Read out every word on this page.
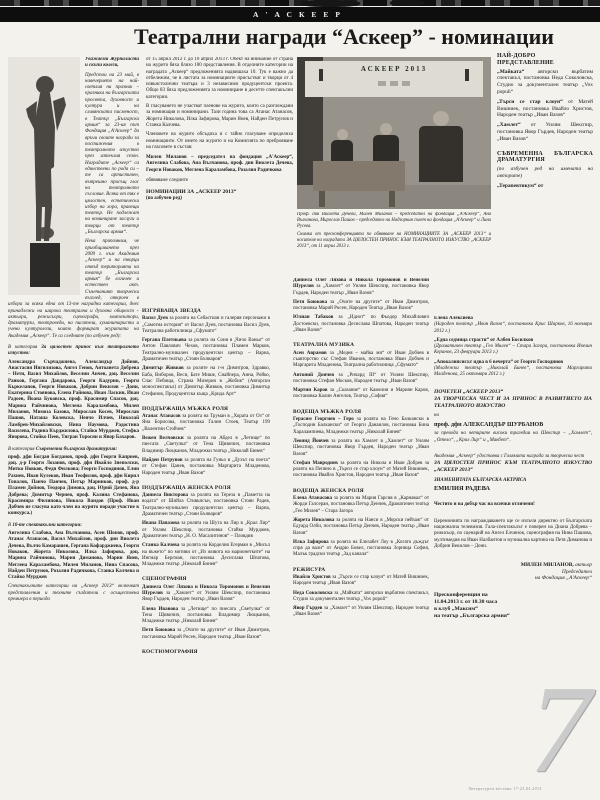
А'АСКЕЕР
Театрални награди “Аскеер” - номинации

Уважаеми Журналисти и скъпи колеги,

Предстои на 23 май, в навечерието на най-светлия ни празник – празника на българската просвета, духовност и култура и на славянската писменост, в Театър „Българска армия“ за 23-ия път Фондация „А'Аскеер“ да връчи своите награди за постижения в театралното изкуство през изтеклия сезон. Наградите „Аскеер“ са единствени по рода си – те са артистичен, вътрешно присъщ глас на театралното съсловие. Всяка от тях е цялостен, естетически избор на хора, правещи театър. Не подлежат на номиниране заслуги и творци от театър „Българска армия“.

Нека припомним, че приобщаването през 2009 г. към Академия „Аскеер“ и на творци отвъд територията на театър „Българска армия“ бе логичен и естествен акт. Съчетаният творчески възглед, откроен в избора за всяка една от 13-те наградни категории, днес принадлежи на широка театрална и духовна общност – актьори, режисьори, сценографи, композитори, драматурзи, театроведи, на писатели, хуманитаристи и учени културолози, които формират журитата на Академия „Аскеер“. Те са следните (по азбучен ред):

В категория За цялостен принос към театралното изкуство:

Александра Сърчаджиева, Александър Дойнов, Анастасия Ингилизова, Ангел Генов, Антоанета Добрева – Нети, Васил Михайлов, Веселин Анчев, доц. Веселин Ранков, Гергана Дандарова, Георги Кадурин, Георги Кьркеланов, Георги Новаков, Добрин Векилов – Дони, Екатерина Стоянова, Елена Райнова, Иван Ласкин, Иван Радоев, Йоана Буковска, проф. Красимир Спасов, доц. Марина Райчинова, Меглена Караламбова, Милен Миланов, Мимоза Базова, Мирослав Косев, Мирослав Пашов, Наташа Колевска, Ненчо Илчев, Николай Ламбрев-Михайловски, Нина Наумова, Радостина Василева, Радина Кърджилова, Стайко Мурджев, Стефка Янорова, Стойко Пеев, Тигран Торосян и Явор Бахаров.

В категория Съвременна българска драматургия:

проф. дфн Богдан Богданов, проф. дфн Георги Каприев, доц. д-р Георги Лозанов, проф. дфн Ивайло Знеполски, Митко Новков, Федя Филкова; Георги Господинов, Елин Рахнев, Иван Кулеков, Иван Теофилов, проф. дфн Кирил Топалов, Панчо Панчев, Петър Маринков, проф. д-р Пламен Дойнов, Теодора Димова, доц. Юрий Дачев, Яна Добрева; Димитър Чернев, проф. Калина Стефанова, Красимира Филипова, Никола Вандов (Проф. Иван Добчев не гласува като член на журито поради участие в конкурса.)

В 10-те спектакълни категории:

Ангелина Слабова, Ана Вълчанова, Асен Шопов, проф. Атанас Атанасов, Васил Михайлов, проф. дин Виолета Дечева, Вълчо Камарашев, Гергана Кофарджиева, Георги Новаков, Жорета Николова, Илка Зафирова, доц. Марина Райчинова, Мария Диманова, Марин Янев, Меглена Караламбова, Милен Миланов, Нина Спасова, Найден Петрунов, Розалия Радичкова, Станка Калчева и Стайко Мурджев

Спектакълните категории на „Аскеер 2013“ включват представления и техните създатели с осъществена премиера в периода

от 15 април 2012 г. до 10 април 2013 г. Обект на внимание от страна на журито бяха близо 100 представления. В отделните категории на наградата „Аскеер“ предложенията надвишаха 10. Тук е важно да отбележим, че в листата за номинациите присъстват и творци от 4 извънстолични театъра и 3 независими продуцентски проекта. Общо 83 бяха предложенията за номиниране в десетте спектакълни категории.

В гласуването не участват членове на журито, които са разглеждани за номинация и номинирани. Тази година това са Атанас Атанасов, Жорета Николова, Илка Зафирова, Марин Янев, Найден Петрунов и Станка Калчева.

Членовете на журито обсъдиха и с тайно гласуване определиха номинациите. От името на журито и на Комисията по преброяване на гласовете в състав:

Милен Миланов – председател на фондация „А'Аскеер“, Ангелина Слабова, Ана Вълчанова, проф. дин Виолета Дечева, Георги Новаков, Меглена Караламбова, Розалия Радичкова

обявяваме следните

НОМИНАЦИИ ЗА „АСКЕЕР 2013“
(по азбучен ред)
АСКЕЕР 2013

Проф. дин Виолета Дечева, Милен Миланов – председател на фондация „А'Аскеер“, Ана Вълчанова, Мирослав Пашов – председател на Надзорния съвет на фондация „А'Аскеер“ и Лина Русева.

Снимка от пресконференцията по обявяване на НОМИНАЦИИТЕ ЗА „АСКЕЕР 2013“ и носителя на наградата ЗА ЦЯЛОСТЕН ПРИНОС КЪМ ТЕАТРАЛНОТО ИЗКУСТВО „АСКЕЕР 2013“, от 11 април 2013 г.

ИЗГРЯВАЩА ЗВЕЗДА

Васил Дуев за ролята на Себастиан и галерия персонажи в „Самотна история“ от Васил Дуев, постановка Васил Дуев, Театрална работилница „Сфумато“

Гергана Плетньова за ролята на Соня в „Чичо Ваньо“ от Антон Павлович Чехов, постановка Пламен Марков, Театрално-музикален продуцентски център – Варна, Драматичен театър „Стоян Бъчваров“

Димитър Живков за ролите на г-н Димитров, Здравко, Баба, Виборов, Веси, Бате Мише, Снайпера, Анна, Ройко, Спас Пебища, Страна Мизерия в „Жобик“ (Авторски моноспектакъл) от Димитър Живков, постановка Димитър Стефанов, Продуцентска къща „Крида Арт“

ПОДДЪРЖАЩА МЪЖКА РОЛЯ

Атанас Атанасов за ролята на Труман в „Хората от Оз“ от Яна Борисова, постановка Галин Стоев, Театър 199 „Валентин Стойчев“

Вежен Велчовски за ролята на Абдел в „Летище“ по пиесата „Светулка“ от Тена Щивичич, постановка Владимир Люцканов, Младежки театър „Николай Бинев“

Найден Петрунов за ролята на Гуньо в „Духът на поета“ от Стефан Цанев, постановка Маргарита Младенова, Народен театър „Иван Вазов“

ПОДДЪРЖАЩА ЖЕНСКА РОЛЯ

Даниела Викторова за ролята на Тереза в „Паметта на водата“ от Шийла Стивънсън, постановка Стоян Радев, Театрално-музикален продуцентски център – Варна, Драматичен театър „Стоян Бъчваров“

Ивана Папазова за ролята на Шута на Лир в „Крал Лир“ от Уилям Шекспир, постановка Стайко Мурджев, Драматичен театър „Н. О. Масалитинов“ – Пловдив

Станка Калчева за ролята на Корделия Егерман в „Мисъл на въжето“ по мотиви от „Из живота на марионетките“ на Ингмар Бергман, постановка Десислава Шпатова, Младежки театър „Николай Бинев“

СЦЕНОГРАФИЯ

Даниела Олег Ляхова и Никола Торомонов и Венелин Шурелов за „Хамлет“ от Уилям Шекспир, постановка Явор Гърдев, Народен театър „Иван Вазов“

Елена Иванова за „Летище“ по пиесата „Светулка“ от Тена Щивичич, постановка Владимир Люцканов, Младежки театър „Николай Бинев“

Петя Боюкова за „Очите на другите“ от Иван Димитров, постановка Марий Росен, Народен театър „Иван Вазов“

КОСТЮМОГРАФИЯ

Даниела Олег Ляхова и Никола Торомонов и Венелин Шурелов за „Хамлет“ от Уилям Шекспир, постановка Явор Гърдев, Народен театър „Иван Вазов“

Петя Боюкова за „Очите на другите“ от Иван Димитров, постановка Марий Росен, Народен Театър „Иван Вазов“

Юлиан Табаков за „Идиот“ по Фьодор Михайлович Достоевски, постановка Десислава Шпатова, Народен театър „Иван Вазов“

ТЕАТРАЛНА МУЗИКА

Асен Аврамов за „Медея – майка ми“ от Иван Добчев в съавторство със Стефан Иванов, постановка Иван Добчев и Маргарита Младенова, Театрална работилница „Сфумато“

Антоний Дончев за „Ричард III“ от Уилям Шекспир, постановка Стефан Москов, Народен театър „Иван Вазов“

Мартин Каров за „Сказание“ от Камелия и Мариян Каров, постановка Калин Ангелов, Театър „София“

ВОДЕЩА МЪЖКА РОЛЯ

Герасим Георгиев – Геро за ролята на Гено Балкански в „Господин Балкански“ от Георги Данаилов, постановка Бина Харалампиева, Младежки театър „Николай Бинев“

Леонид Йовчев за ролята на Хамлет в „Хамлет“ от Уилям Шекспир, постановка Явор Гърдев, Народен театър „Иван Вазов“

Стефан Мавродиев за ролята на Никола и Иван Добрев за ролята на Пепино в „Търси се стар клоун“ от Матей Вишниек, постановка Ивайло Христов, Народен театър „Иван Вазов“

ВОДЕЩА ЖЕНСКА РОЛЯ

Елена Атанасова за ролята на Мария Гарсия в „Карнавал“ от Жорди Галсеран, постановка Петър Денчев, Драматичен театър „Гео Милев“ – Стара Загора

Жорета Николова за ролята на Нанси в „Морски пейзаж“ от Едуард Олби, постановка Петър Денчев, Народен театър „Иван Вазов“

Илка Зафирова за ролята на Елизабет Лоу в „Когато дъждът спря да вали“ от Андрю Бовел, постановка Зорница София, Малък градски театър „Зад канала“

РЕЖИСУРА

Ивайло Христов за „Търси се стар клоун“ от Матей Вишниек, Народен театър „Иван Вазов“

Неда Соколовска за „Майката“ авторски върбатим спектакъл, Студио за документален театър „Vox populi“

Явор Гърдев за „Хамлет“ от Уилям Шекспир, Народен театър „Иван Вазов“

НАЙ-ДОБРО ПРЕДСТАВЛЕНИЕ

„Майката“ авторски върбатим спектакъл, постановка Неда Соколовска, Студио за документален театър „Vox populi“

„Търси се стар клоун“ от Матей Вишниек, постановка Ивайло Христов, Народен театър „Иван Вазов“

„Хамлет“ от Уилям Шекспир, постановка Явор Гърдев, Народен театър „Иван Вазов“

СЪВРЕМЕННА БЪЛГАРСКА ДРАМАТУРГИЯ

(по азбучен ред на имената на авторите)

„Терапевтикум“ от

Елена Алексиева
(Народен театър „Иван Вазов“, постановка Крис Шарков, 16 ноември 2012 г.)

„Една седмица страсти“ от Албен Босилков
(Драматичен театър „Гео Милев“ – Стара Загора, постановка Ивелин Керанов, 23 февруари 2013 г.)

„Апокалипсисът идва в 6 вечерта“ от Георги Господинов
(Младежки театър „Николай Бинев“, постановка Маргарита Младенова, 25 октомври 2012 г.)

ПОЧЕТЕН „АСКЕЕР 2013“
ЗА ТВОРЧЕСКА ЧЕСТ И ЗА ПРИНОС В РАЗВИТИЕТО НА ТЕАТРАЛНОТО ИЗКУСТВО
на
проф. дфн АЛЕКСАНДЪР ШУРБАНОВ
за превода на четирите високи трагедии на Шекспир – „Хамлет“, „Отело“, „Крал Лир“ и „Макбет“.
Академия „Аскеер“ удостоява с Голямата награда за творческа чест
ЗА ЦЯЛОСТЕН ПРИНОС КЪМ ТЕАТРАЛНОТО ИЗКУСТВО „АСКЕЕР 2013“
ЗНАМЕНИТАТА БЪЛГАРСКА АКТРИСА
ЕМИЛИЯ РАДЕВА
Честито и на добър час на всички отличени!
Церемонията по награждаването ще се излъчи директно от Българската национална телевизия. Гала-спектакълът е поверен на Диана Добрева – режисьор, по сценарий на Ангел Елчинов, сценография на Нина Пашова, мултимедия на Иван Налбантов и музикална картина на Петя Диманова и Добрин Векилов – Дони.
МИЛЕН МИЛАНОВ, актьор
Председател
на Фондация „А'Аскеер“
Пресконференция на
11.04.2013 г. от 10.30 часа
в клуб „Максим“
на театър „Българска армия“
7
Литературен вестник 17-23.04.2013
